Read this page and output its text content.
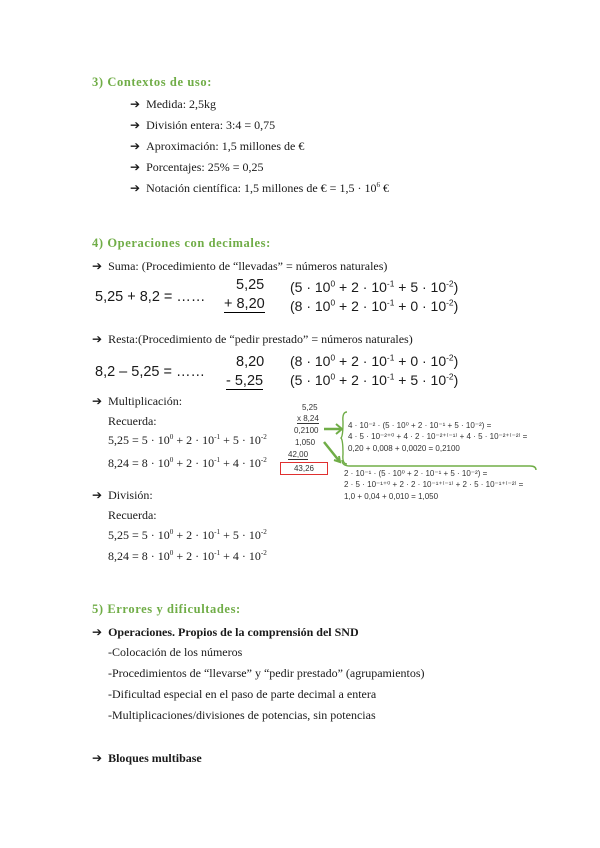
3) Contextos de uso:
➔ Medida: 2,5kg
➔ División entera: 3:4 = 0,75
➔ Aproximación: 1,5 millones de €
➔ Porcentajes: 25% = 0,25
➔ Notación científica: 1,5 millones de € = $1,5 \cdot 10^6$ €
4) Operaciones con decimales:
➔ Suma: (Procedimiento de “llevadas” = números naturales)
5,25 + 8,2 = ……
5,25
+ 8,20
$(5 \cdot 10^0 + 2 \cdot 10^{-1} + 5 \cdot 10^{-2})$
$(8 \cdot 10^0 + 2 \cdot 10^{-1} + 0 \cdot 10^{-2})$
➔ Resta:(Procedimiento de “pedir prestado” = números naturales)
8,2 – 5,25 = ……
8,20
- 5,25
$(8 \cdot 10^0 + 2 \cdot 10^{-1} + 0 \cdot 10^{-2})$
$(5 \cdot 10^0 + 2 \cdot 10^{-1} + 5 \cdot 10^{-2})$
➔ Multiplicación:
Recuerda:
$5,25 = 5 \cdot 10^0 + 2 \cdot 10^{-1} + 5 \cdot 10^{-2}$
$8,24 = 8 \cdot 10^0 + 2 \cdot 10^{-1} + 4 \cdot 10^{-2}$
5,25
x 8,24
0,2100
1,050
42,00
43,26
4 · 10⁻² · (5 · 10⁰ + 2 · 10⁻¹ + 5 · 10⁻²) =
4 · 5 · 10⁻²⁺⁰ + 4 · 2 · 10⁻²⁺⁽⁻¹⁾ + 4 · 5 · 10⁻²⁺⁽⁻²⁾ =
0,20 + 0,008 + 0,0020 = 0,2100
2 · 10⁻¹ · (5 · 10⁰ + 2 · 10⁻¹ + 5 · 10⁻²) =
2 · 5 · 10⁻¹⁺⁰ + 2 · 2 · 10⁻¹⁺⁽⁻¹⁾ + 2 · 5 · 10⁻¹⁺⁽⁻²⁾ =
1,0 + 0,04 + 0,010 = 1,050
➔ División:
Recuerda:
$5,25 = 5 \cdot 10^0 + 2 \cdot 10^{-1} + 5 \cdot 10^{-2}$
$8,24 = 8 \cdot 10^0 + 2 \cdot 10^{-1} + 4 \cdot 10^{-2}$
5) Errores y dificultades:
➔ Operaciones. Propios de la comprensión del SND
-Colocación de los números
-Procedimientos de “llevarse” y “pedir prestado” (agrupamientos)
-Dificultad especial en el paso de parte decimal a entera
-Multiplicaciones/divisiones de potencias, sin potencias
➔ Bloques multibase
